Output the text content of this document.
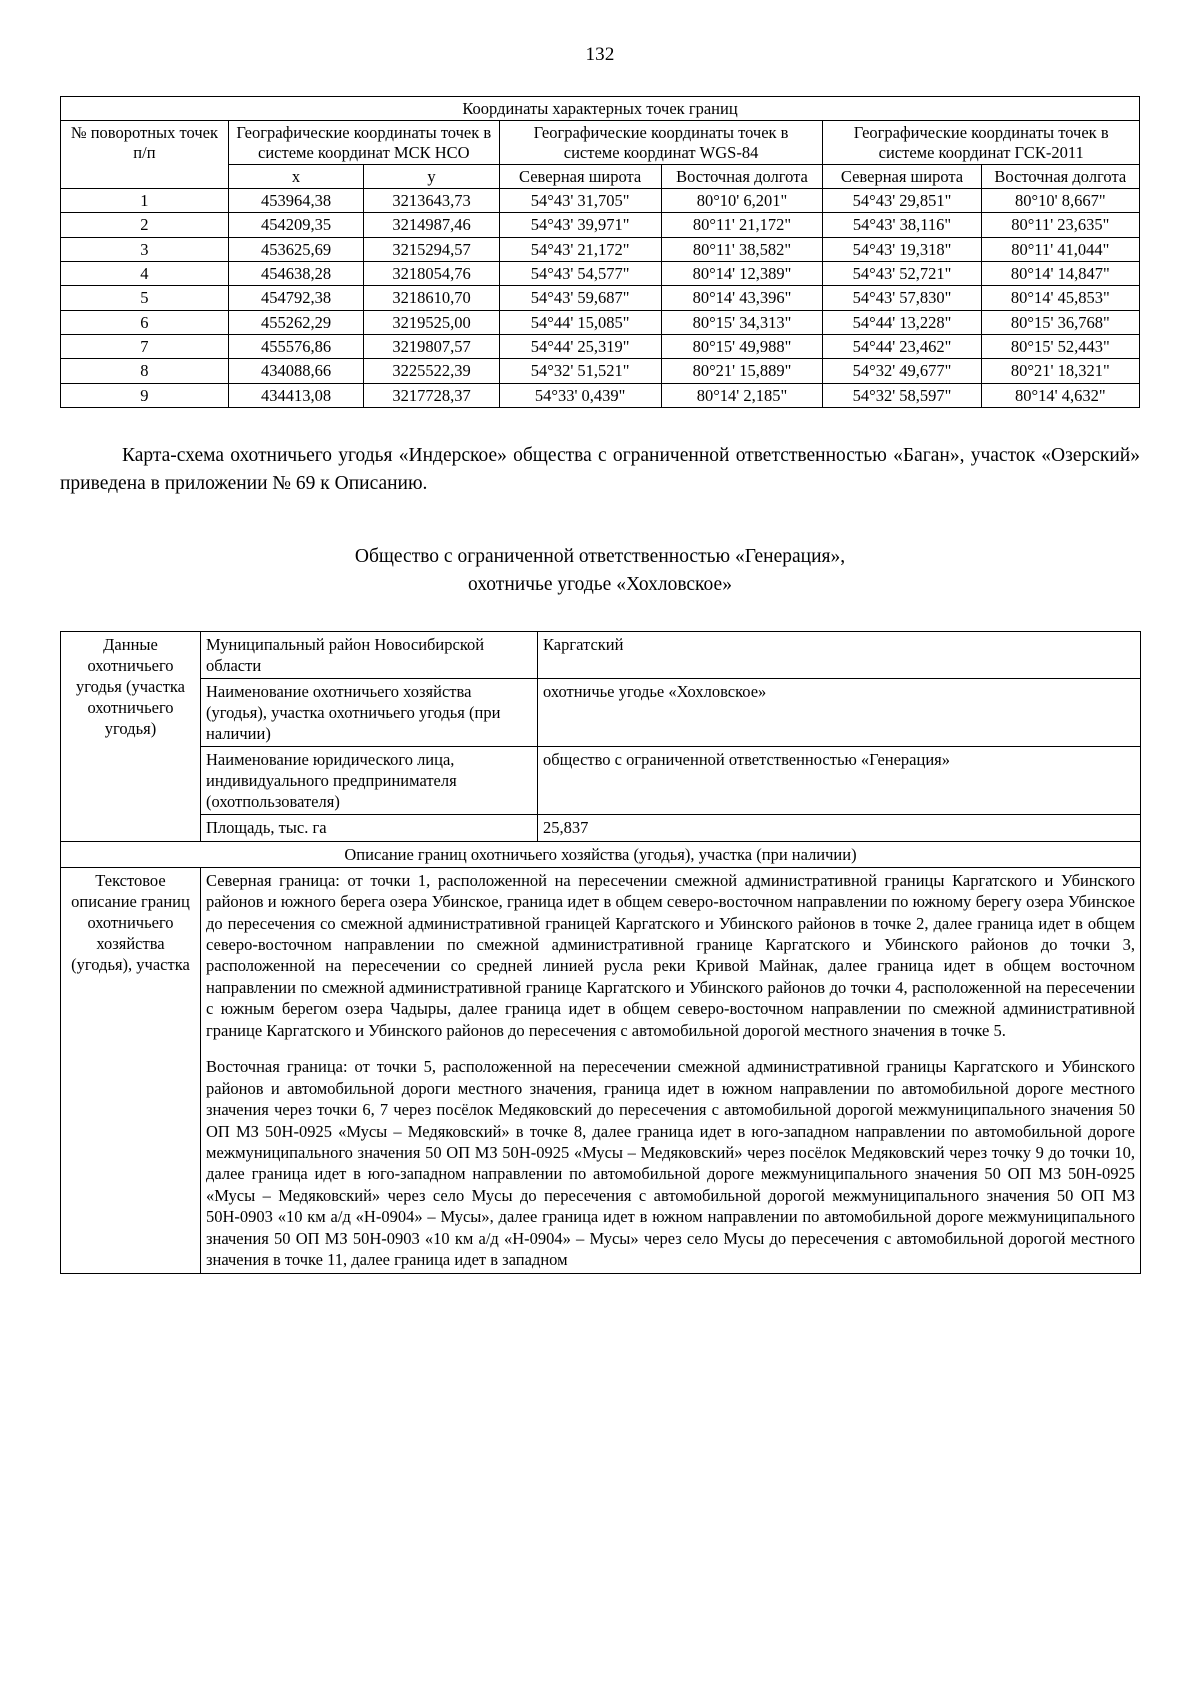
132
Координаты характерных точек границ						
№ поворотных точек п/п	Географические координаты точек в системе координат МСК НСО		Географические координаты точек в системе координат WGS-84		Географические координаты точек в системе координат ГСК-2011	
	x	y	Северная широта	Восточная долгота	Северная широта	Восточная долгота
1	453964,38	3213643,73	54°43' 31,705"	80°10' 6,201"	54°43' 29,851"	80°10' 8,667"
2	454209,35	3214987,46	54°43' 39,971"	80°11' 21,172"	54°43' 38,116"	80°11' 23,635"
3	453625,69	3215294,57	54°43' 21,172"	80°11' 38,582"	54°43' 19,318"	80°11' 41,044"
4	454638,28	3218054,76	54°43' 54,577"	80°14' 12,389"	54°43' 52,721"	80°14' 14,847"
5	454792,38	3218610,70	54°43' 59,687"	80°14' 43,396"	54°43' 57,830"	80°14' 45,853"
6	455262,29	3219525,00	54°44' 15,085"	80°15' 34,313"	54°44' 13,228"	80°15' 36,768"
7	455576,86	3219807,57	54°44' 25,319"	80°15' 49,988"	54°44' 23,462"	80°15' 52,443"
8	434088,66	3225522,39	54°32' 51,521"	80°21' 15,889"	54°32' 49,677"	80°21' 18,321"
9	434413,08	3217728,37	54°33' 0,439"	80°14' 2,185"	54°32' 58,597"	80°14' 4,632"

Карта-схема охотничьего угодья «Индерское» общества с ограниченной ответственностью «Баган», участок «Озерский» приведена в приложении № 69 к Описанию.

Общество с ограниченной ответственностью «Генерация»,
охотничье угодье «Хохловское»
Данные охотничьего угодья (участка охотничьего угодья)	Муниципальный район Новосибирской области	Каргатский
	Наименование охотничьего хозяйства (угодья), участка охотничьего угодья (при наличии)	охотничье угодье «Хохловское»
	Наименование юридического лица, индивидуального предпринимателя (охотпользователя)	общество с ограниченной ответственностью «Генерация»
	Площадь, тыс. га	25,837
Описание границ охотничьего хозяйства (угодья), участка (при наличии)		
Текстовое описание границ охотничьего хозяйства (угодья), участка	Северная граница: от точки 1, расположенной на пересечении смежной административной границы Каргатского и Убинского районов и южного берега озера Убинское, граница идет в общем северо-восточном направлении по южному берегу озера Убинское до пересечения со смежной административной границей Каргатского и Убинского районов в точке 2, далее граница идет в общем северо-восточном направлении по смежной административной границе Каргатского и Убинского районов до точки 3, расположенной на пересечении со средней линией русла реки Кривой Майнак, далее граница идет в общем восточном направлении по смежной административной границе Каргатского и Убинского районов до точки 4, расположенной на пересечении с южным берегом озера Чадыры, далее граница идет в общем северо-восточном направлении по смежной административной границе Каргатского и Убинского районов до пересечения с автомобильной дорогой местного значения в точке 5.

Восточная граница: от точки 5, расположенной на пересечении смежной административной границы Каргатского и Убинского районов и автомобильной дороги местного значения, граница идет в южном направлении по автомобильной дороге местного значения через точки 6, 7 через посёлок Медяковский до пересечения с автомобильной дорогой межмуниципального значения 50 ОП МЗ 50Н-0925 «Мусы – Медяковский» в точке 8, далее граница идет в юго-западном направлении по автомобильной дороге межмуниципального значения 50 ОП МЗ 50Н-0925 «Мусы – Медяковский» через посёлок Медяковский через точку 9 до точки 10, далее граница идет в юго-западном направлении по автомобильной дороге межмуниципального значения 50 ОП МЗ 50Н-0925 «Мусы – Медяковский» через село Мусы до пересечения с автомобильной дорогой межмуниципального значения 50 ОП МЗ 50Н-0903 «10 км а/д «Н-0904» – Мусы», далее граница идет в южном направлении по автомобильной дороге межмуниципального значения 50 ОП МЗ 50Н-0903 «10 км а/д «Н-0904» – Мусы» через село Мусы до пересечения с автомобильной дорогой местного значения в точке 11, далее граница идет в западном	
